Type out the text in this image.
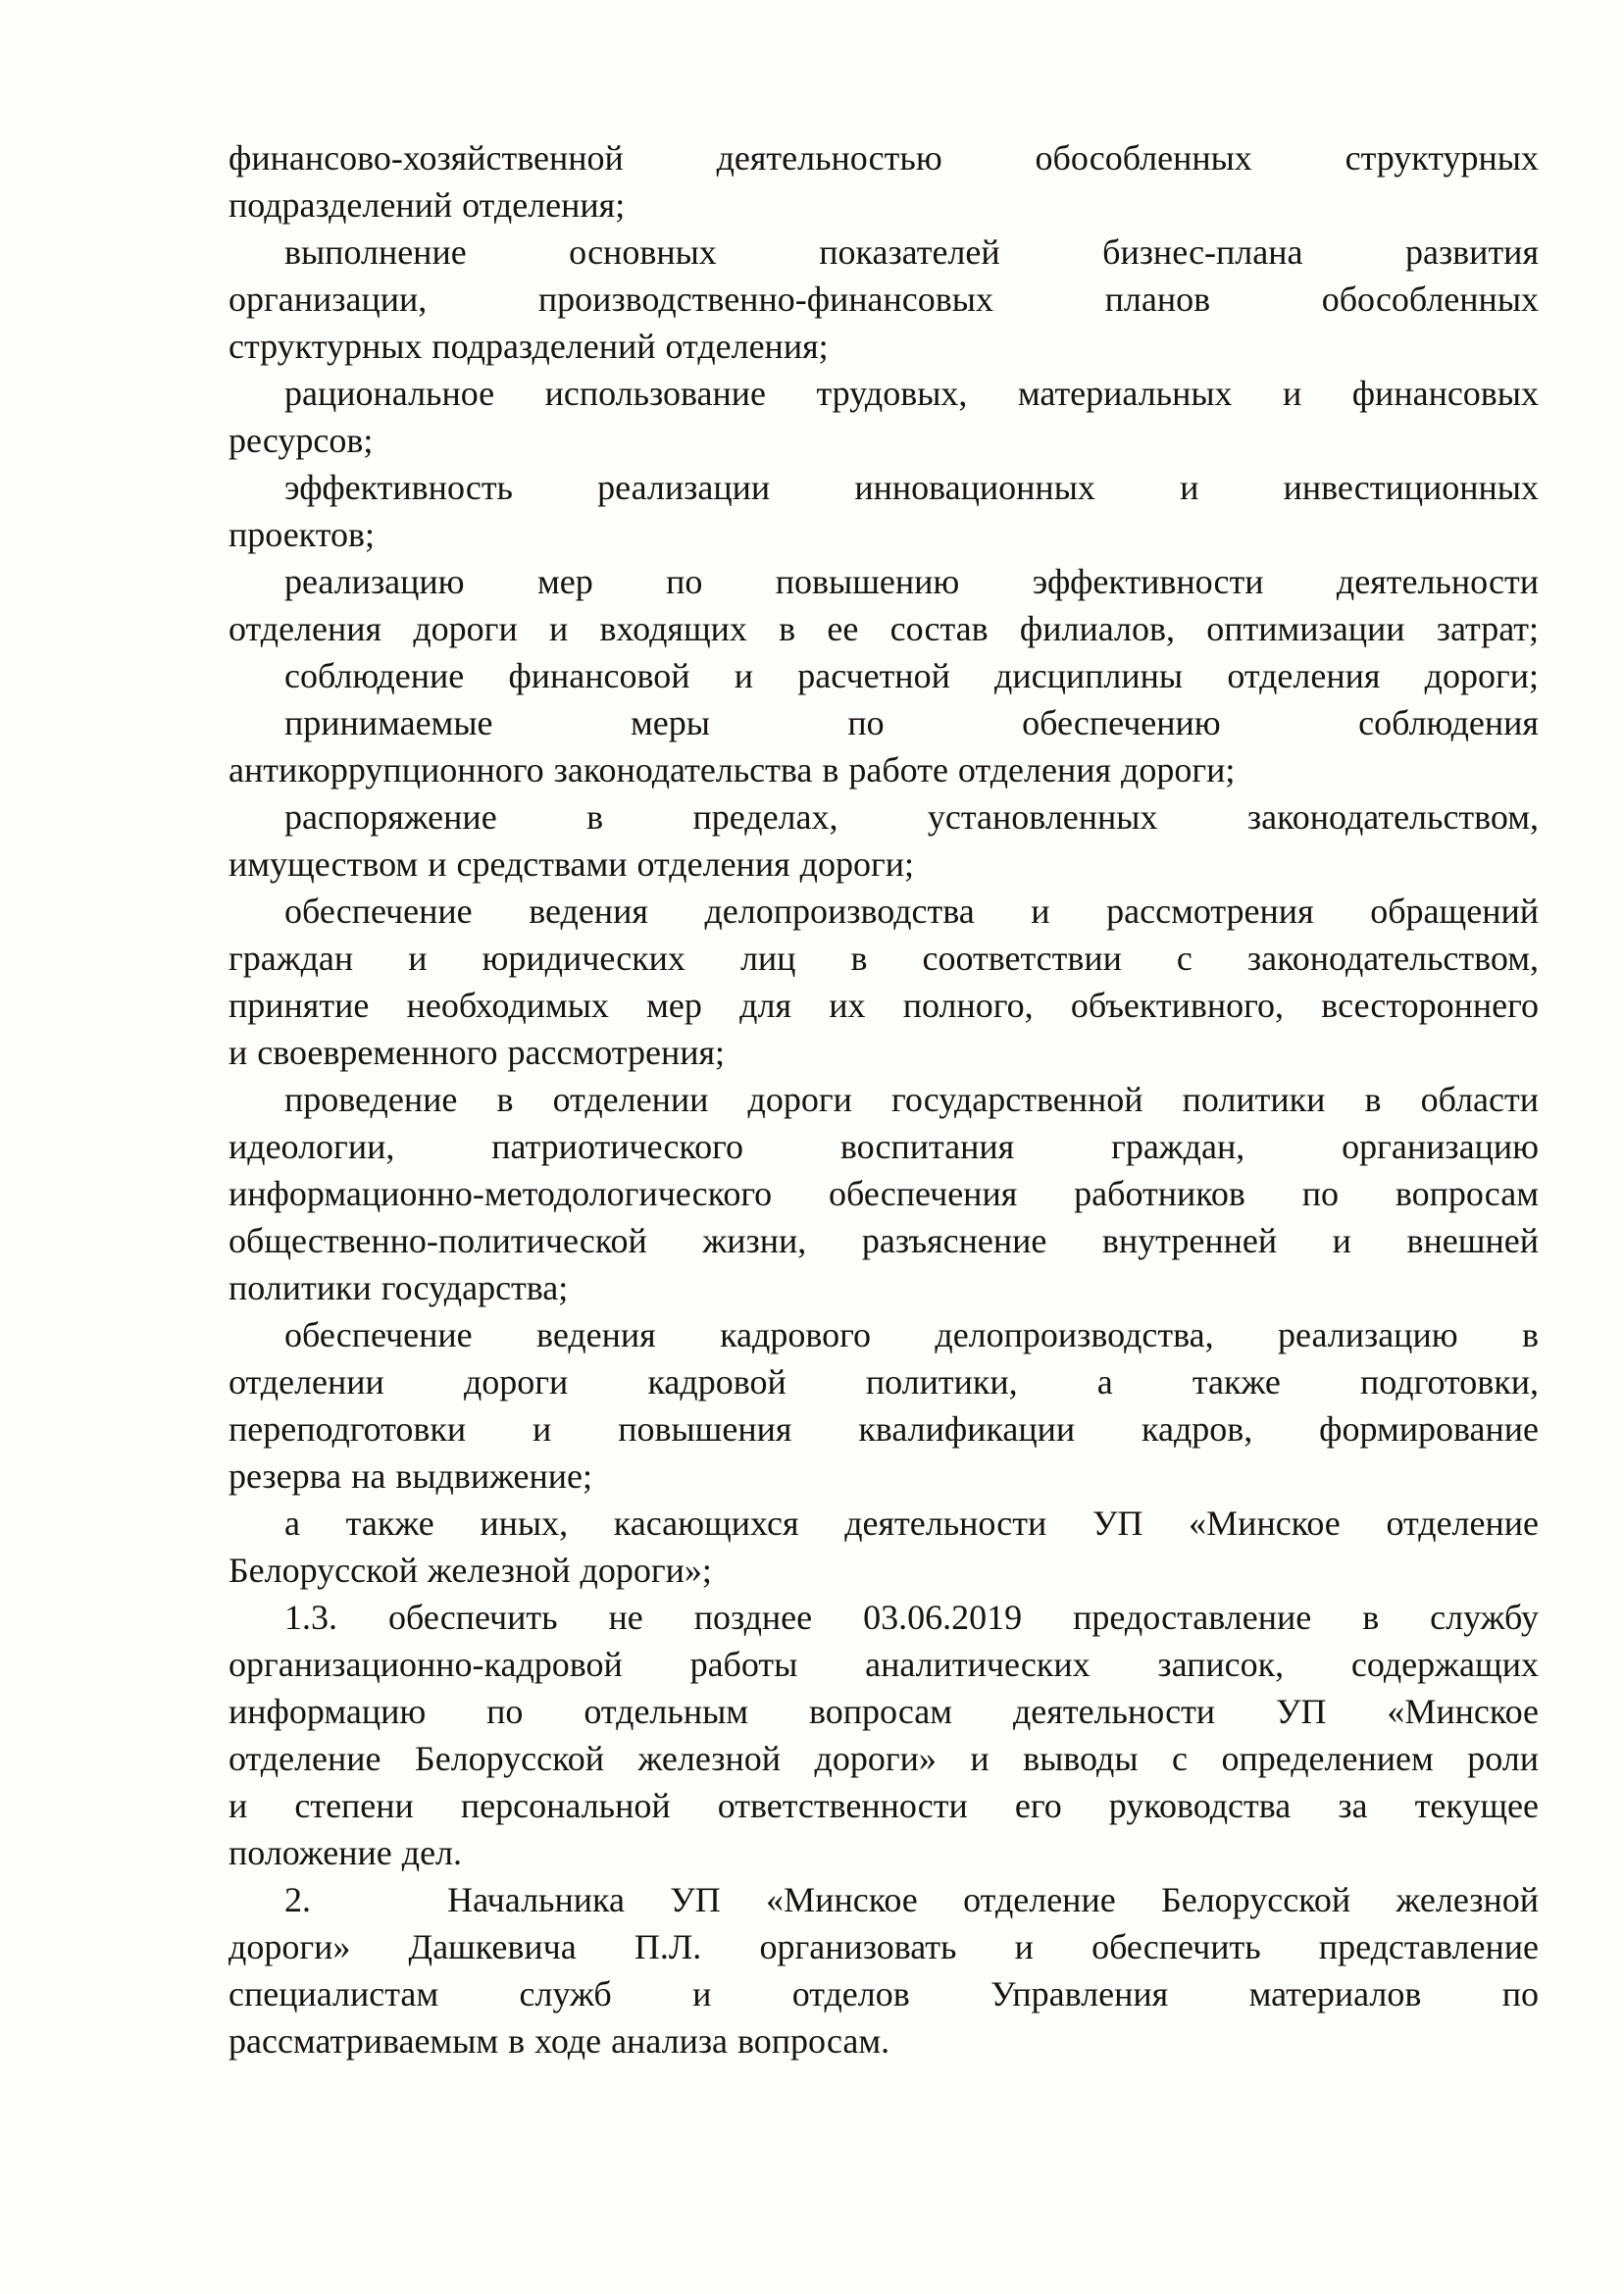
финансово-хозяйственной деятельностью обособленных структурных
подразделений отделения;
выполнение основных показателей бизнес-плана развития
организации, производственно-финансовых планов обособленных
структурных подразделений отделения;
рациональное использование трудовых, материальных и финансовых
ресурсов;
эффективность реализации инновационных и инвестиционных
проектов;
реализацию мер по повышению эффективности деятельности
отделения дороги и входящих в ее состав филиалов, оптимизации затрат;
соблюдение финансовой и расчетной дисциплины отделения дороги;
принимаемые меры по обеспечению соблюдения
антикоррупционного законодательства в работе отделения дороги;
распоряжение в пределах, установленных законодательством,
имуществом и средствами отделения дороги;
обеспечение ведения делопроизводства и рассмотрения обращений
граждан и юридических лиц в соответствии с законодательством,
принятие необходимых мер для их полного, объективного, всестороннего
и своевременного рассмотрения;
проведение в отделении дороги государственной политики в области
идеологии, патриотического воспитания граждан, организацию
информационно-методологического обеспечения работников по вопросам
общественно-политической жизни, разъяснение внутренней и внешней
политики государства;
обеспечение ведения кадрового делопроизводства, реализацию в
отделении дороги кадровой политики, а также подготовки,
переподготовки и повышения квалификации кадров, формирование
резерва на выдвижение;
а также иных, касающихся деятельности УП «Минское отделение
Белорусской железной дороги»;
1.3. обеспечить не позднее 03.06.2019 предоставление в службу
организационно-кадровой работы аналитических записок, содержащих
информацию по отдельным вопросам деятельности УП «Минское
отделение Белорусской железной дороги» и выводы с определением роли
и степени персональной ответственности его руководства за текущее
положение дел.
2.   Начальника УП «Минское отделение Белорусской железной
дороги» Дашкевича П.Л. организовать и обеспечить представление
специалистам служб и отделов Управления материалов по
рассматриваемым в ходе анализа вопросам.
